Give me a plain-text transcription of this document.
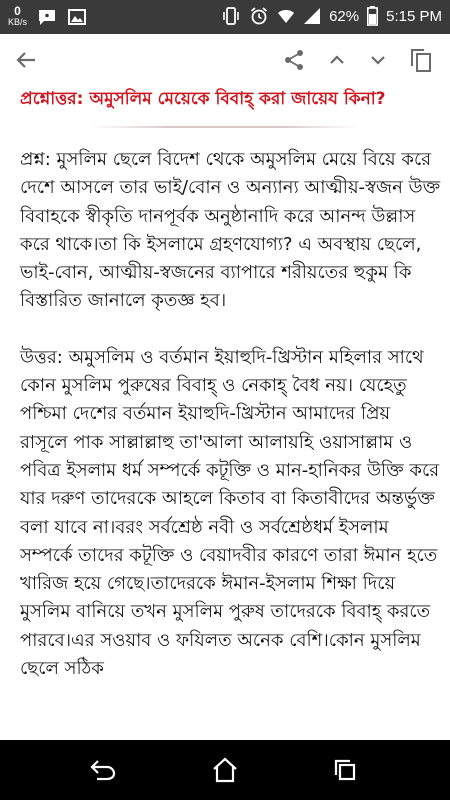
0
KB/s	62% 5:15 PM
প্রশ্নোত্তর: অমুসলিম মেয়েকে বিবাহ্ করা জায়েয কিনা?

প্রশ্ন: মুসলিম ছেলে বিদেশ থেকে অমুসলিম মেয়ে বিয়ে করে দেশে আসলে তার ভাই/বোন ও অন্যান্য আত্মীয়-স্বজন উক্ত বিবাহকে স্বীকৃতি দানপূর্বক অনুষ্ঠানাদি করে আনন্দ উল্লাস করে থাকে।তা কি ইসলামে গ্রহণযোগ্য? এ অবস্থায় ছেলে, ভাই-বোন, আত্মীয়-স্বজনের ব্যাপারে শরীয়তের হুকুম কি বিস্তারিত জানালে কৃতজ্ঞ হব।

উত্তর: অমুসলিম ও বর্তমান ইয়াহুদি-খ্রিস্টান মহিলার সাথে কোন মুসলিম পুরুষের বিবাহ্ ও নেকাহ্ বৈধ নয়। যেহেতু পশ্চিমা দেশের বর্তমান ইয়াহুদি-খ্রিস্টান আমাদের প্রিয় রাসূলে পাক সাল্লাল্লাহু তা'আলা আলায়হি ওয়াসাল্লাম ও পবিত্র ইসলাম ধর্ম সম্পর্কে কটূক্তি ও মান-হানিকর উক্তি করে যার দরুণ তাদেরকে আহলে কিতাব বা কিতাবীদের অন্তর্ভুক্ত বলা যাবে না।বরং সর্বশ্রেষ্ঠ নবী ও সর্বশ্রেষ্ঠধর্ম ইসলাম সম্পর্কে তাদের কটূক্তি ও বেয়াদবীর কারণে তারা ঈমান হতে খারিজ হয়ে গেছে।তাদেরকে ঈমান-ইসলাম শিক্ষা দিয়ে মুসলিম বানিয়ে তখন মুসলিম পুরুষ তাদেরকে বিবাহ্ করতে পারবে।এর সওয়াব ও ফযিলত অনেক বেশি।কোন মুসলিম ছেলে সঠিক
